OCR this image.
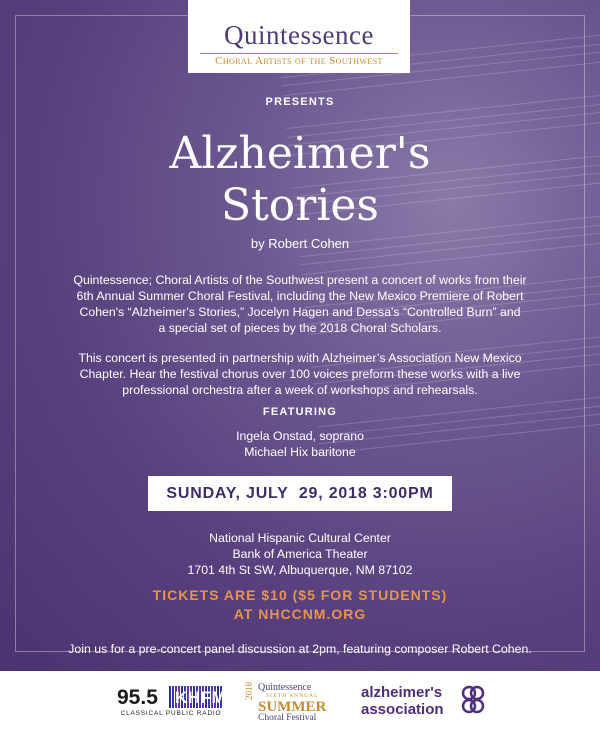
Quintessence
Choral Artists of the Southwest
PRESENTS
Alzheimer's
Stories
by Robert Cohen
Quintessence; Choral Artists of the Southwest present a concert of works from their
6th Annual Summer Choral Festival, including the New Mexico Premiere of Robert
Cohen's “Alzheimer's Stories,” Jocelyn Hagen and Dessa's “Controlled Burn” and
a special set of pieces by the 2018 Choral Scholars.
This concert is presented in partnership with Alzheimer’s Association New Mexico
Chapter. Hear the festival chorus over 100 voices preform these works with a live
professional orchestra after a week of workshops and rehearsals.
FEATURING
Ingela Onstad, soprano
Michael Hix baritone
SUNDAY, JULY  29, 2018 3:00PM
National Hispanic Cultural Center
Bank of America Theater
1701 4th St SW, Albuquerque, NM 87102
TICKETS ARE $10 ($5 FOR STUDENTS)
AT NHCCNM.ORG
Join us for a pre-concert panel discussion at 2pm, featuring composer Robert Cohen.
95.5 KHFM
CLASSICAL PUBLIC RADIO
2018 Quintessence
SIXTH ANNUAL
SUMMER
Choral Festival
alzheimer's
association
